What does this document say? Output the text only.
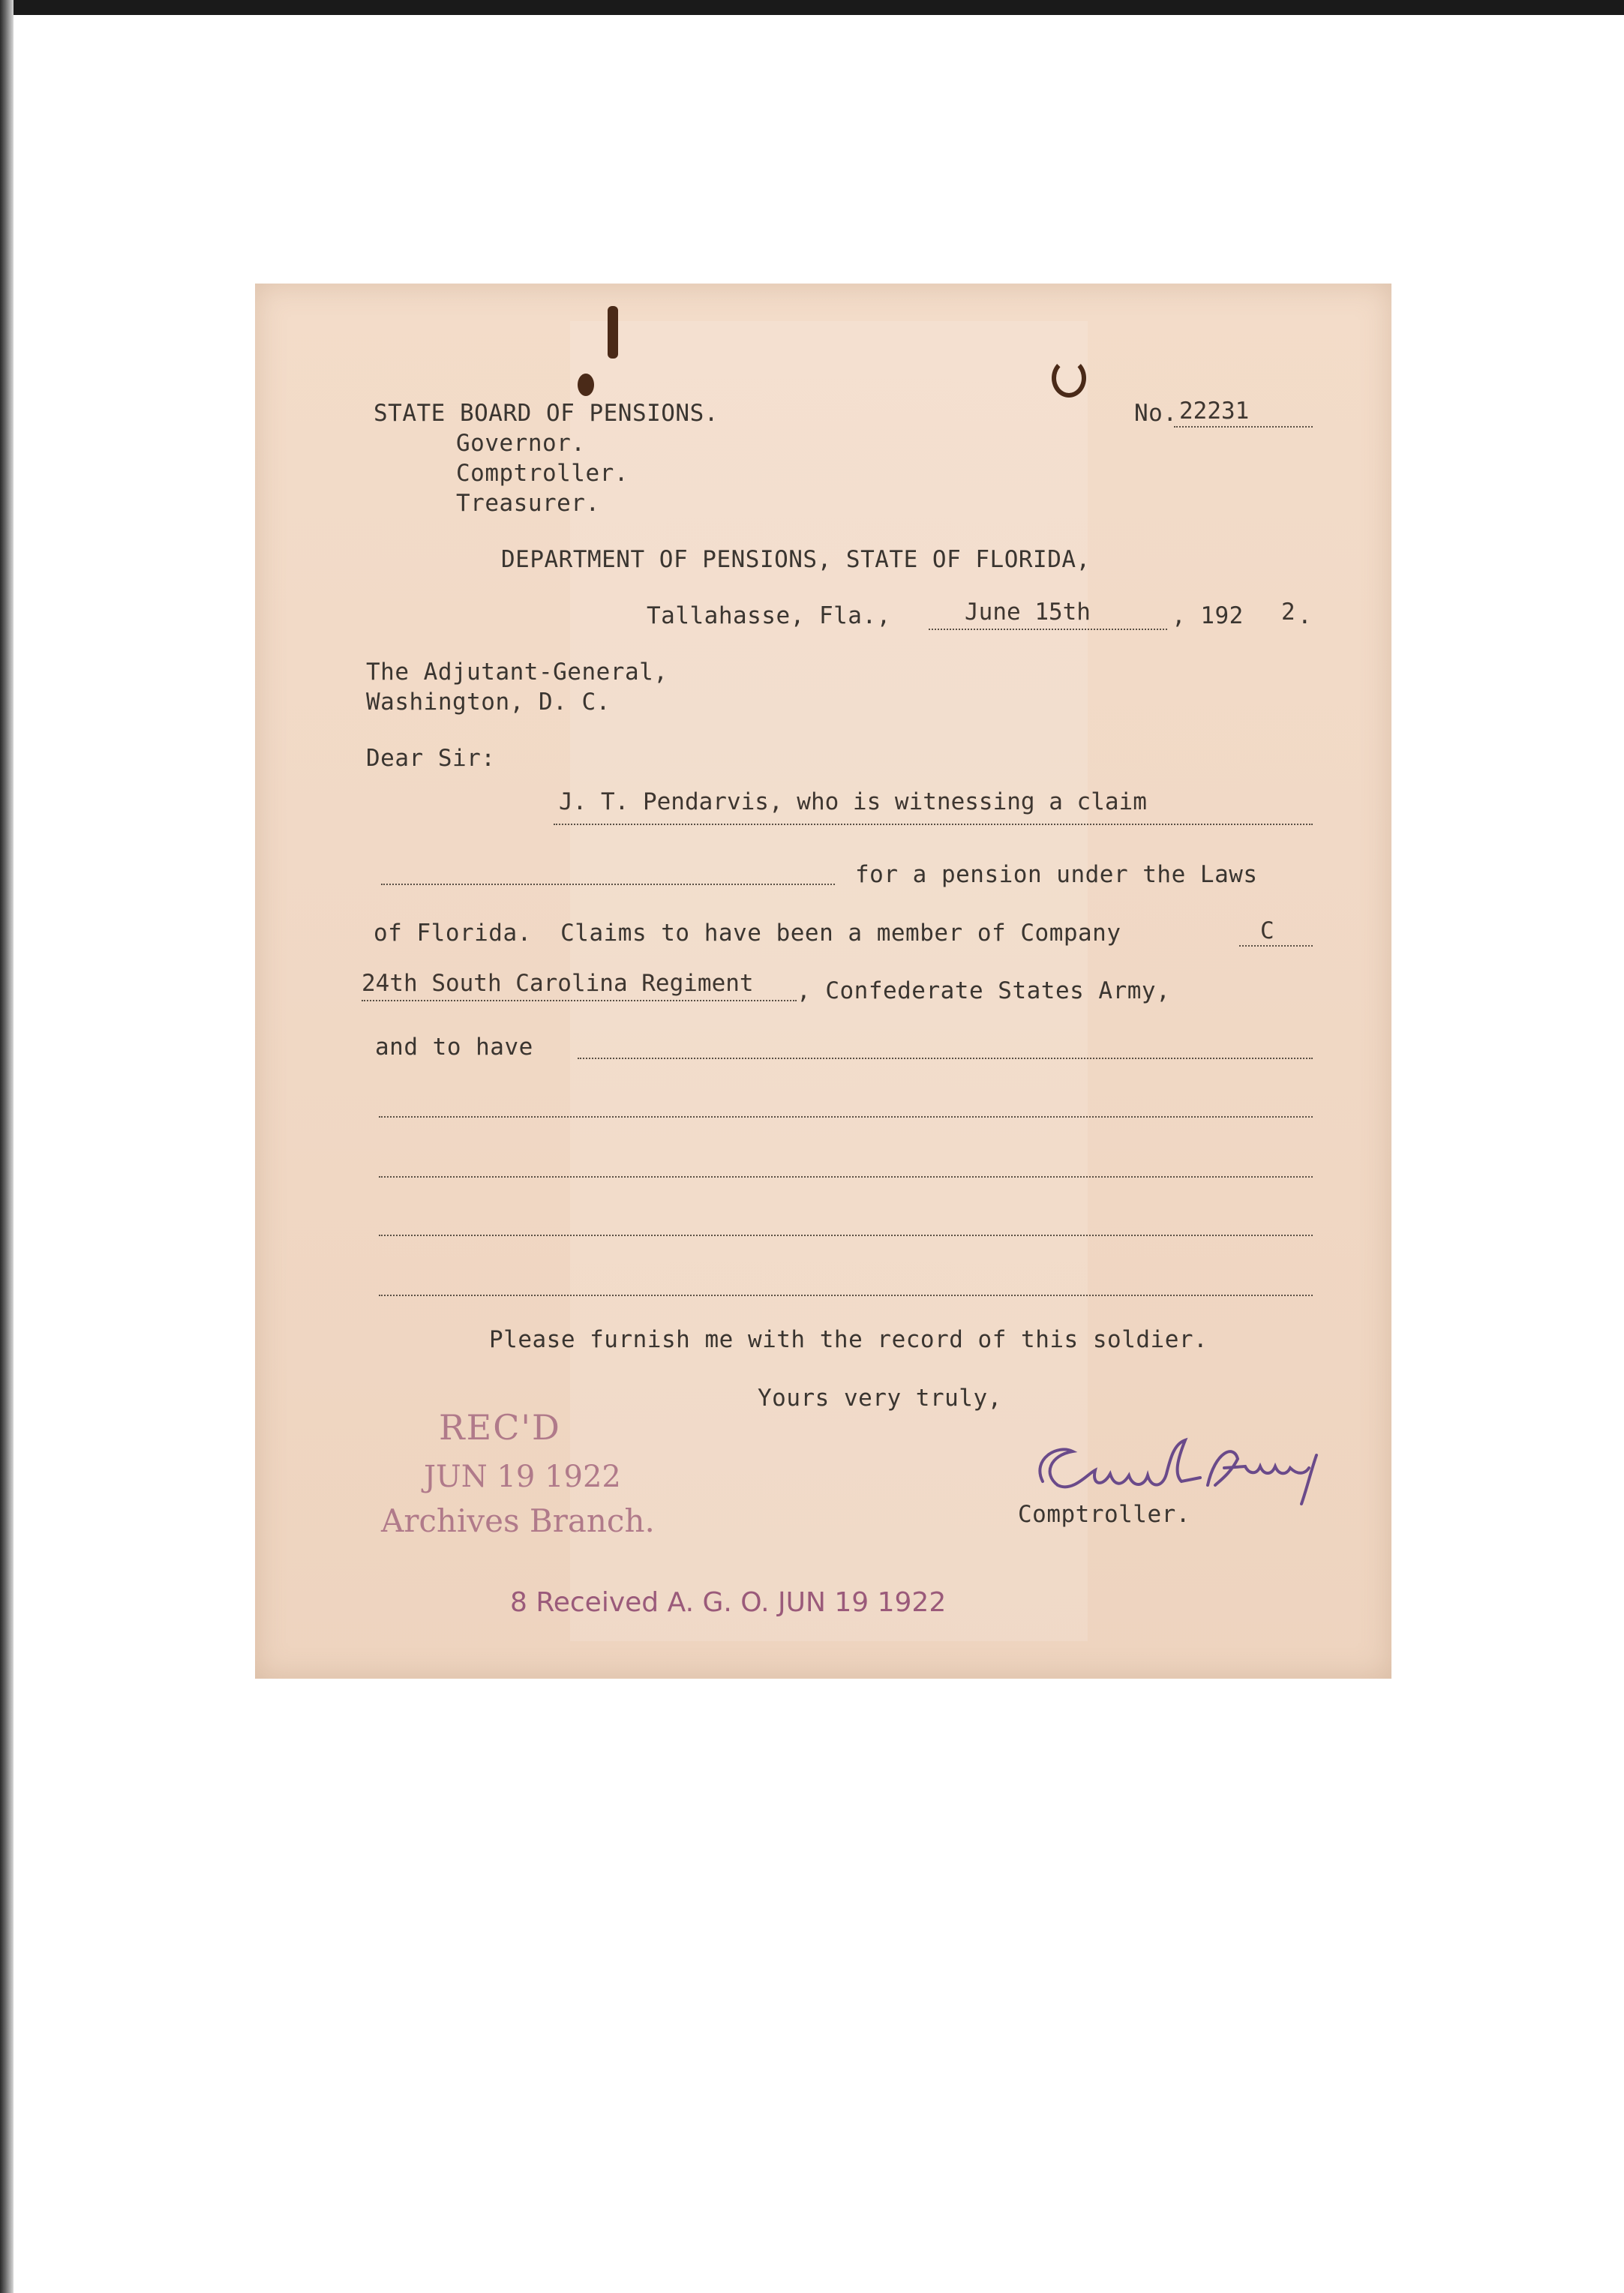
STATE BOARD OF PENSIONS.
Governor.
Comptroller.
Treasurer.
No. 22231
DEPARTMENT OF PENSIONS, STATE OF FLORIDA,
Tallahasse, Fla.,	June 15th	, 192 2 .
The Adjutant-General,
Washington, D. C.
Dear Sir:
J. T. Pendarvis, who is witnessing a claim
for a pension under the Laws
of Florida.  Claims to have been a member of Company	C
24th South Carolina Regiment , Confederate States Army,
and to have
Please furnish me with the record of this soldier.
Yours very truly,
Comptroller.
REC'D
JUN 19 1922
Archives Branch.
8 Received A. G. O. JUN 19 1922
